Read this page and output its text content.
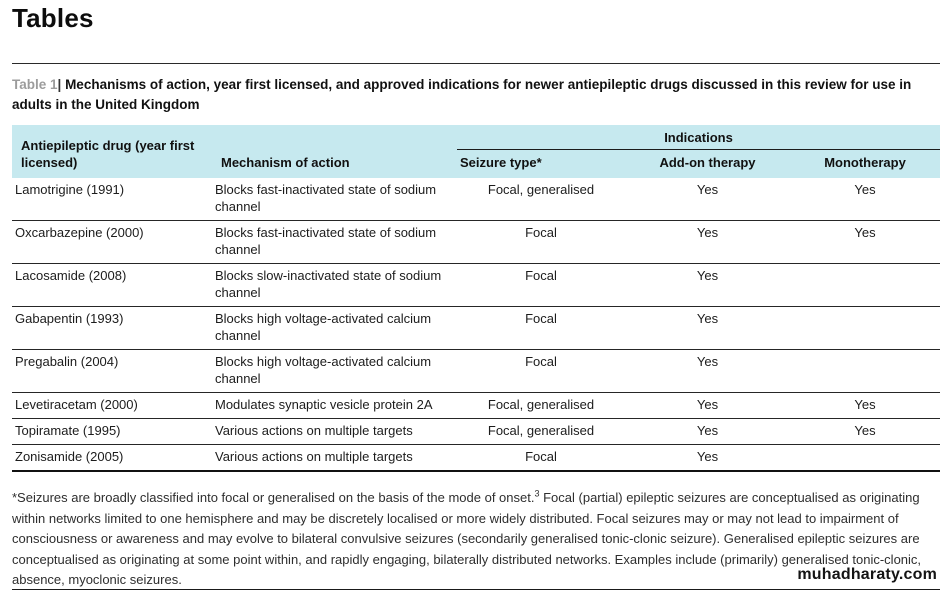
Tables

Table 1| Mechanisms of action, year first licensed, and approved indications for newer antiepileptic drugs discussed in this review for use in adults in the United Kingdom

Antiepileptic drug (year first licensed)	Mechanism of action	Indications		
		Seizure type*	Add-on therapy	Monotherapy
Lamotrigine (1991)	Blocks fast-inactivated state of sodium channel	Focal, generalised	Yes	Yes
Oxcarbazepine (2000)	Blocks fast-inactivated state of sodium channel	Focal	Yes	Yes
Lacosamide (2008)	Blocks slow-inactivated state of sodium channel	Focal	Yes	
Gabapentin (1993)	Blocks high voltage-activated calcium channel	Focal	Yes	
Pregabalin (2004)	Blocks high voltage-activated calcium channel	Focal	Yes	
Levetiracetam (2000)	Modulates synaptic vesicle protein 2A	Focal, generalised	Yes	Yes
Topiramate (1995)	Various actions on multiple targets	Focal, generalised	Yes	Yes
Zonisamide (2005)	Various actions on multiple targets	Focal	Yes	

*Seizures are broadly classified into focal or generalised on the basis of the mode of onset.$^3$ Focal (partial) epileptic seizures are conceptualised as originating within networks limited to one hemisphere and may be discretely localised or more widely distributed. Focal seizures may or may not lead to impairment of consciousness or awareness and may evolve to bilateral convulsive seizures (secondarily generalised tonic-clonic seizure). Generalised epileptic seizures are conceptualised as originating at some point within, and rapidly engaging, bilaterally distributed networks. Examples include (primarily) generalised tonic-clonic, absence, myoclonic seizures.	muhadharaty.com
